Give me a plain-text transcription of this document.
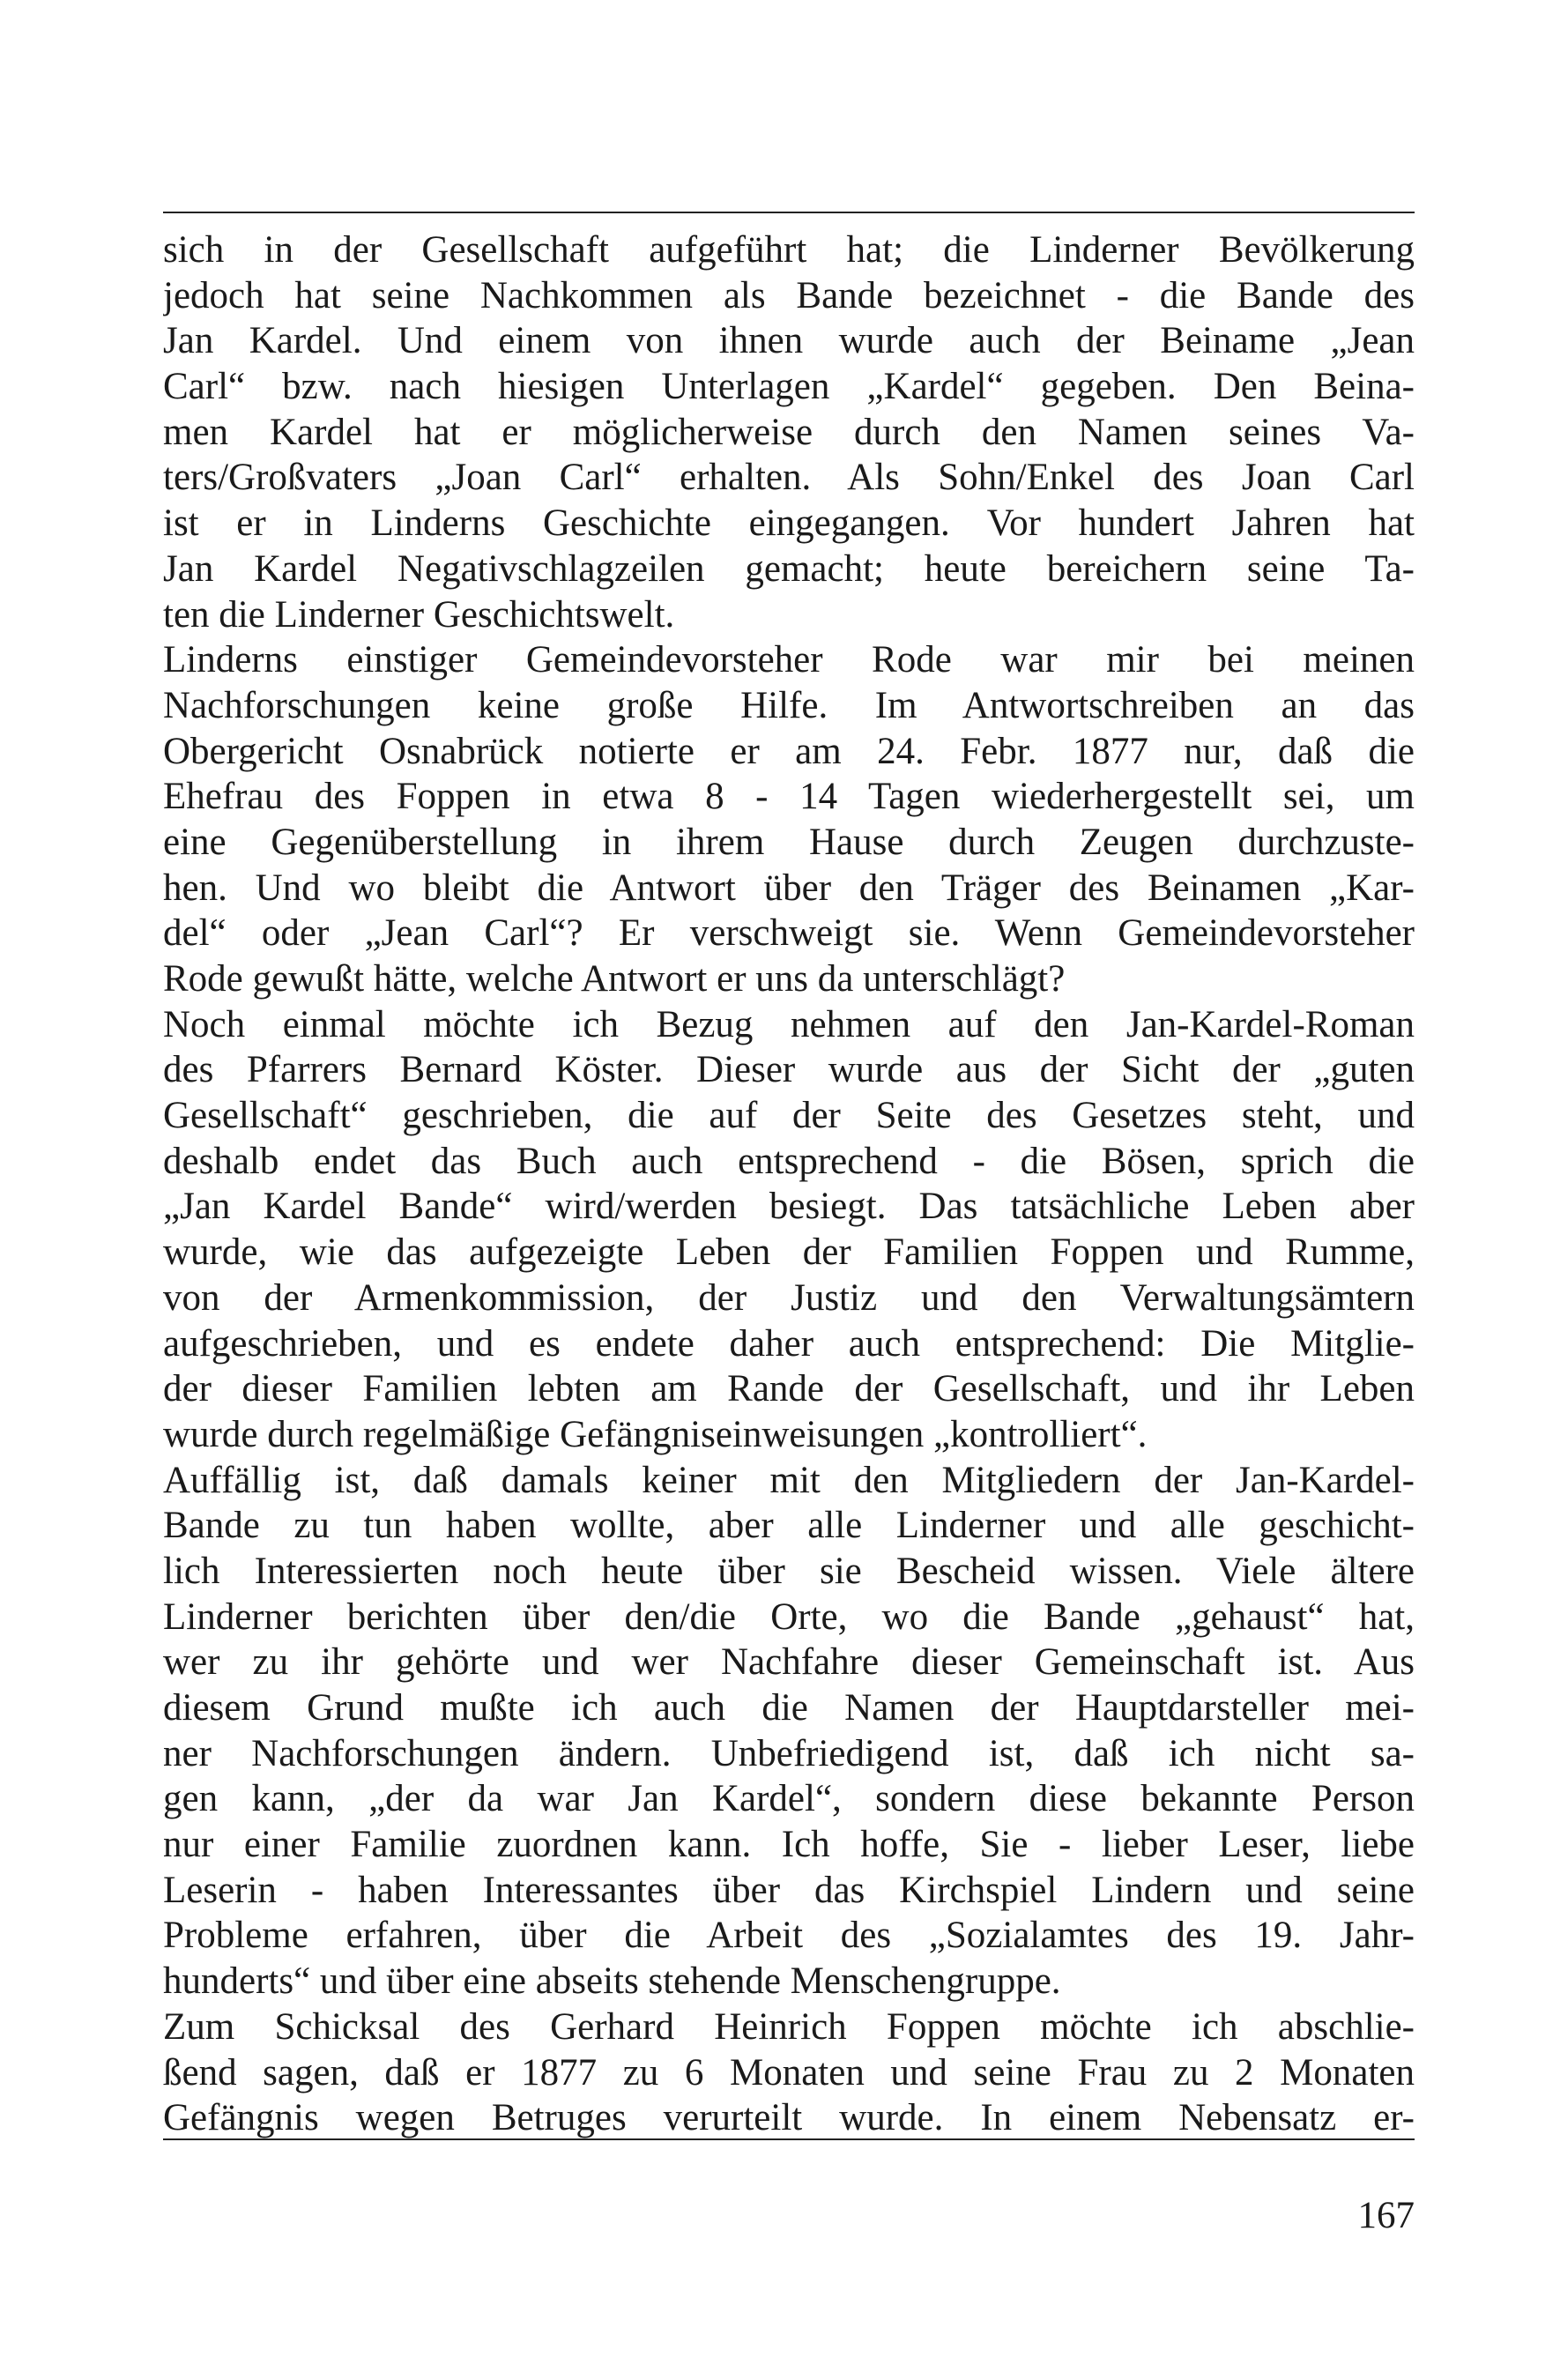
sich in der Gesellschaft aufgeführt hat; die Linderner Bevölkerung
jedoch hat seine Nachkommen als Bande bezeichnet - die Bande des
Jan Kardel. Und einem von ihnen wurde auch der Beiname „Jean
Carl“ bzw. nach hiesigen Unterlagen „Kardel“ gegeben. Den Beina-
men Kardel hat er möglicherweise durch den Namen seines Va-
ters/Großvaters „Joan Carl“ erhalten. Als Sohn/Enkel des Joan Carl
ist er in Linderns Geschichte eingegangen. Vor hundert Jahren hat
Jan Kardel Negativschlagzeilen gemacht; heute bereichern seine Ta-
ten die Linderner Geschichtswelt.
Linderns einstiger Gemeindevorsteher Rode war mir bei meinen
Nachforschungen keine große Hilfe. Im Antwortschreiben an das
Obergericht Osnabrück notierte er am 24. Febr. 1877 nur, daß die
Ehefrau des Foppen in etwa 8 - 14 Tagen wiederhergestellt sei, um
eine Gegenüberstellung in ihrem Hause durch Zeugen durchzuste-
hen. Und wo bleibt die Antwort über den Träger des Beinamen „Kar-
del“ oder „Jean Carl“? Er verschweigt sie. Wenn Gemeindevorsteher
Rode gewußt hätte, welche Antwort er uns da unterschlägt?
Noch einmal möchte ich Bezug nehmen auf den Jan-Kardel-Roman
des Pfarrers Bernard Köster. Dieser wurde aus der Sicht der „guten
Gesellschaft“ geschrieben, die auf der Seite des Gesetzes steht, und
deshalb endet das Buch auch entsprechend - die Bösen, sprich die
„Jan Kardel Bande“ wird/werden besiegt. Das tatsächliche Leben aber
wurde, wie das aufgezeigte Leben der Familien Foppen und Rumme,
von der Armenkommission, der Justiz und den Verwaltungsämtern
aufgeschrieben, und es endete daher auch entsprechend: Die Mitglie-
der dieser Familien lebten am Rande der Gesellschaft, und ihr Leben
wurde durch regelmäßige Gefängniseinweisungen „kontrolliert“.
Auffällig ist, daß damals keiner mit den Mitgliedern der Jan-Kardel-
Bande zu tun haben wollte, aber alle Linderner und alle geschicht-
lich Interessierten noch heute über sie Bescheid wissen. Viele ältere
Linderner berichten über den/die Orte, wo die Bande „gehaust“ hat,
wer zu ihr gehörte und wer Nachfahre dieser Gemeinschaft ist. Aus
diesem Grund mußte ich auch die Namen der Hauptdarsteller mei-
ner Nachforschungen ändern. Unbefriedigend ist, daß ich nicht sa-
gen kann, „der da war Jan Kardel“, sondern diese bekannte Person
nur einer Familie zuordnen kann. Ich hoffe, Sie - lieber Leser, liebe
Leserin - haben Interessantes über das Kirchspiel Lindern und seine
Probleme erfahren, über die Arbeit des „Sozialamtes des 19. Jahr-
hunderts“ und über eine abseits stehende Menschengruppe.
Zum Schicksal des Gerhard Heinrich Foppen möchte ich abschlie-
ßend sagen, daß er 1877 zu 6 Monaten und seine Frau zu 2 Monaten
Gefängnis wegen Betruges verurteilt wurde. In einem Nebensatz er-
167
